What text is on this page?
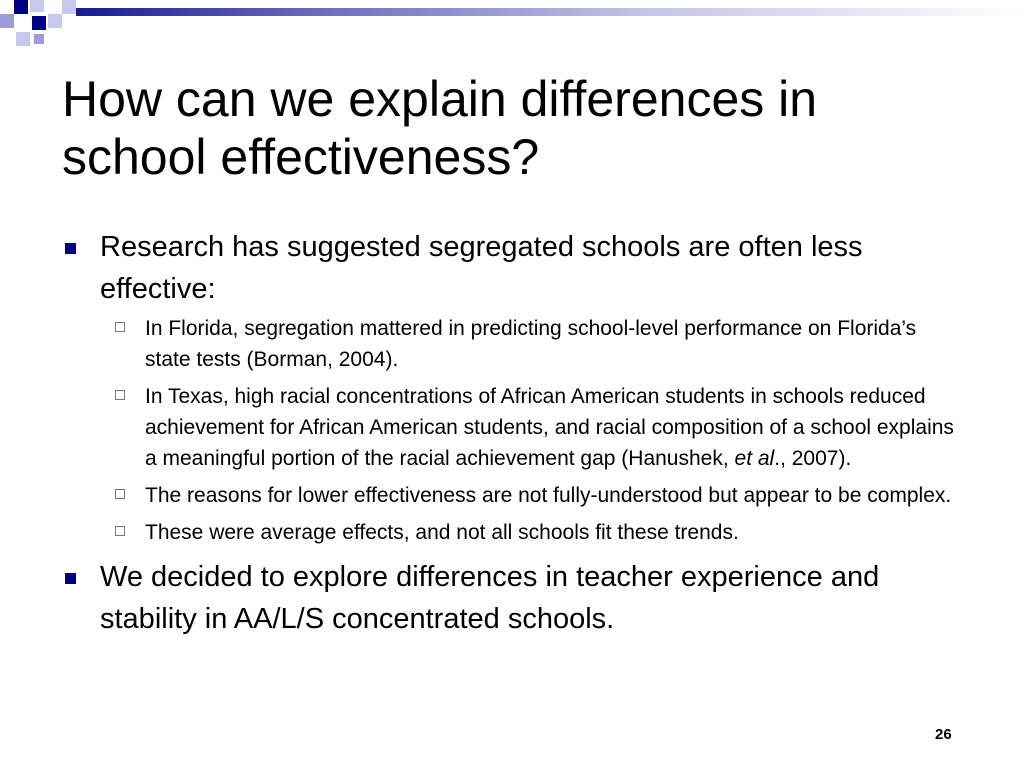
How can we explain differences in
school effectiveness?
Research has suggested segregated schools are often less effective:
In Florida, segregation mattered in predicting school-level performance on Florida’s state tests (Borman, 2004).
In Texas, high racial concentrations of African American students in schools reduced achievement for African American students, and racial composition of a school explains a meaningful portion of the racial achievement gap (Hanushek, et al., 2007).
The reasons for lower effectiveness are not fully-understood but appear to be complex.
These were average effects, and not all schools fit these trends.
We decided to explore differences in teacher experience and stability in AA/L/S concentrated schools.
26
